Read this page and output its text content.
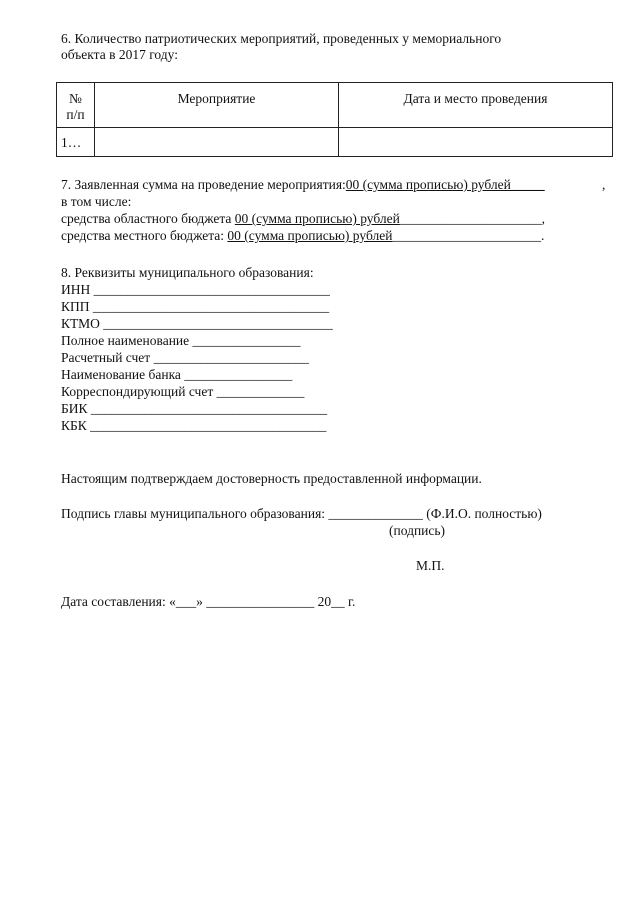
6. Количество патриотических мероприятий, проведенных у мемориального
объекта в 2017 году:
№
п/п	Мероприятие	Дата и место проведения
1…		
7. Заявленная сумма на проведение мероприятия:00 (сумма прописью) рублей_____	,
в том числе:
средства областного бюджета 00 (сумма прописью) рублей_____________________,
средства местного бюджета: 00 (сумма прописью) рублей______________________.
8. Реквизиты муниципального образования:
ИНН ___________________________________
КПП ___________________________________
КТМО __________________________________
Полное наименование ________________
Расчетный счет _______________________
Наименование банка ________________
Корреспондирующий счет _____________
БИК ___________________________________
КБК ___________________________________
Настоящим подтверждаем достоверность предоставленной информации.
Подпись главы муниципального образования: ______________ (Ф.И.О. полностью)
(подпись)
М.П.
Дата составления: «___» ________________ 20__ г.
